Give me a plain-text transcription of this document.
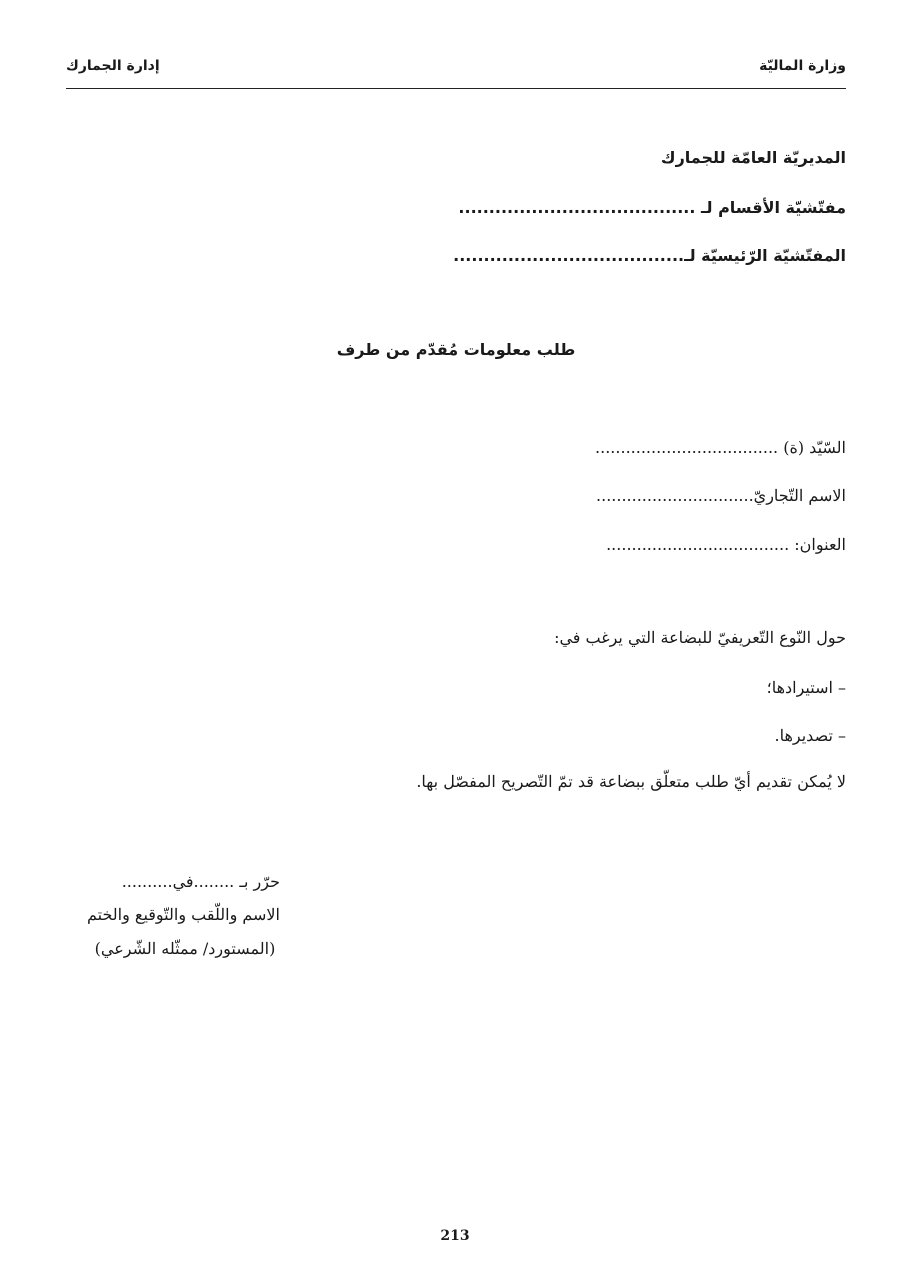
وزارة الماليّة
إدارة الجمارك
المديريّة العامّة للجمارك
مفتّشيّة الأقسام لـ .......................................
المفتّشيّة الرّئيسيّة لـ......................................
طلب معلومات مُقدّم من طرف
السّيّد (ة) ....................................
الاسم التّجاريّ...............................
العنوان: ....................................
حول النّوع التّعريفيّ للبضاعة التي يرغب في:
– استيرادها؛
– تصديرها.
لا يُمكن تقديم أيّ طلب متعلّق ببضاعة قد تمّ التّصريح المفصّل بها.
حرّر بـ ........في..........
الاسم واللّقب والتّوقيع والختم
(المستورد/ ممثّله الشّرعي)
213
